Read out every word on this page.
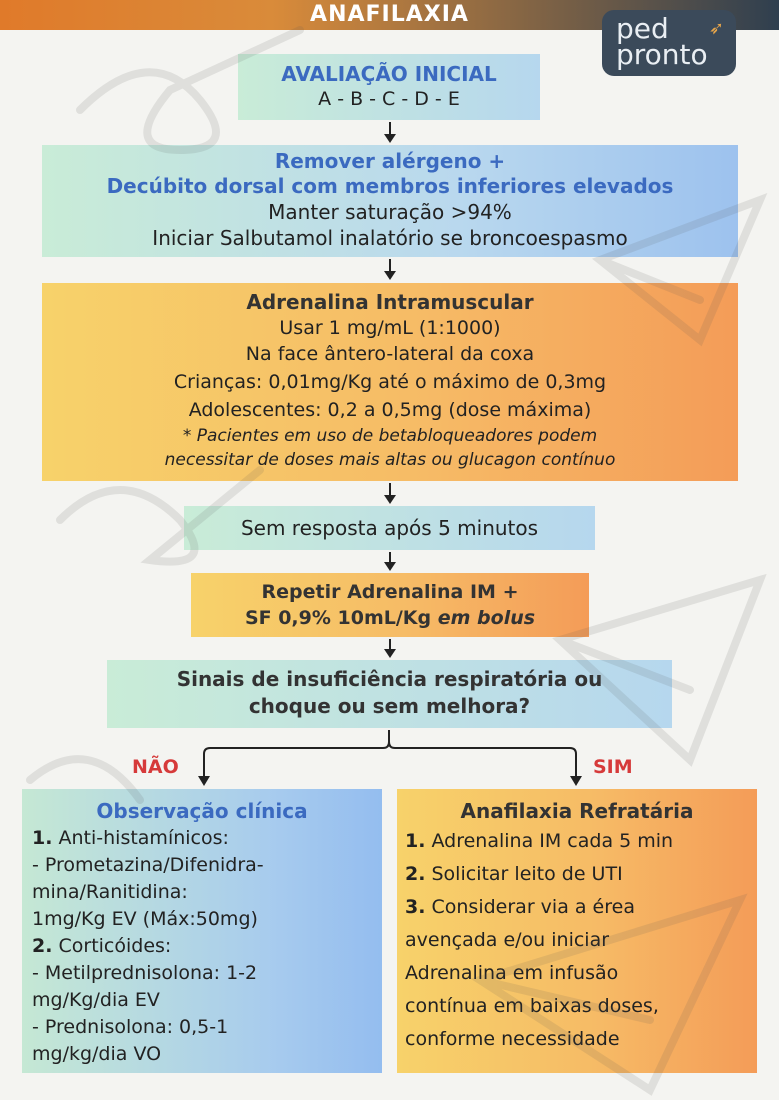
ANAFILAXIA
➶
ped
pronto
AVALIAÇÃO INICIAL
A - B - C - D - E
Remover alérgeno +
Decúbito dorsal com membros inferiores elevados
Manter saturação >94%
Iniciar Salbutamol inalatório se broncoespasmo
Adrenalina Intramuscular
Usar 1 mg/mL (1:1000)
Na face ântero-lateral da coxa
Crianças: 0,01mg/Kg até o máximo de 0,3mg
Adolescentes: 0,2 a 0,5mg (dose máxima)
* Pacientes em uso de betabloqueadores podem
necessitar de doses mais altas ou glucagon contínuo
Sem resposta após 5 minutos
Repetir Adrenalina IM +
SF 0,9% 10mL/Kg em bolus
Sinais de insuficiência respiratória ou
choque ou sem melhora?
NÃO	SIM
Observação clínica
1. Anti-histamínicos:
- Prometazina/Difenidra-
mina/Ranitidina:
1mg/Kg EV (Máx:50mg)
2. Corticóides:
- Metilprednisolona: 1-2
mg/Kg/dia EV
- Prednisolona: 0,5-1
mg/kg/dia VO
Anafilaxia Refratária
1. Adrenalina IM cada 5 min
2. Solicitar leito de UTI
3. Considerar via a érea
avençada e/ou iniciar
Adrenalina em infusão
contínua em baixas doses,
conforme necessidade
